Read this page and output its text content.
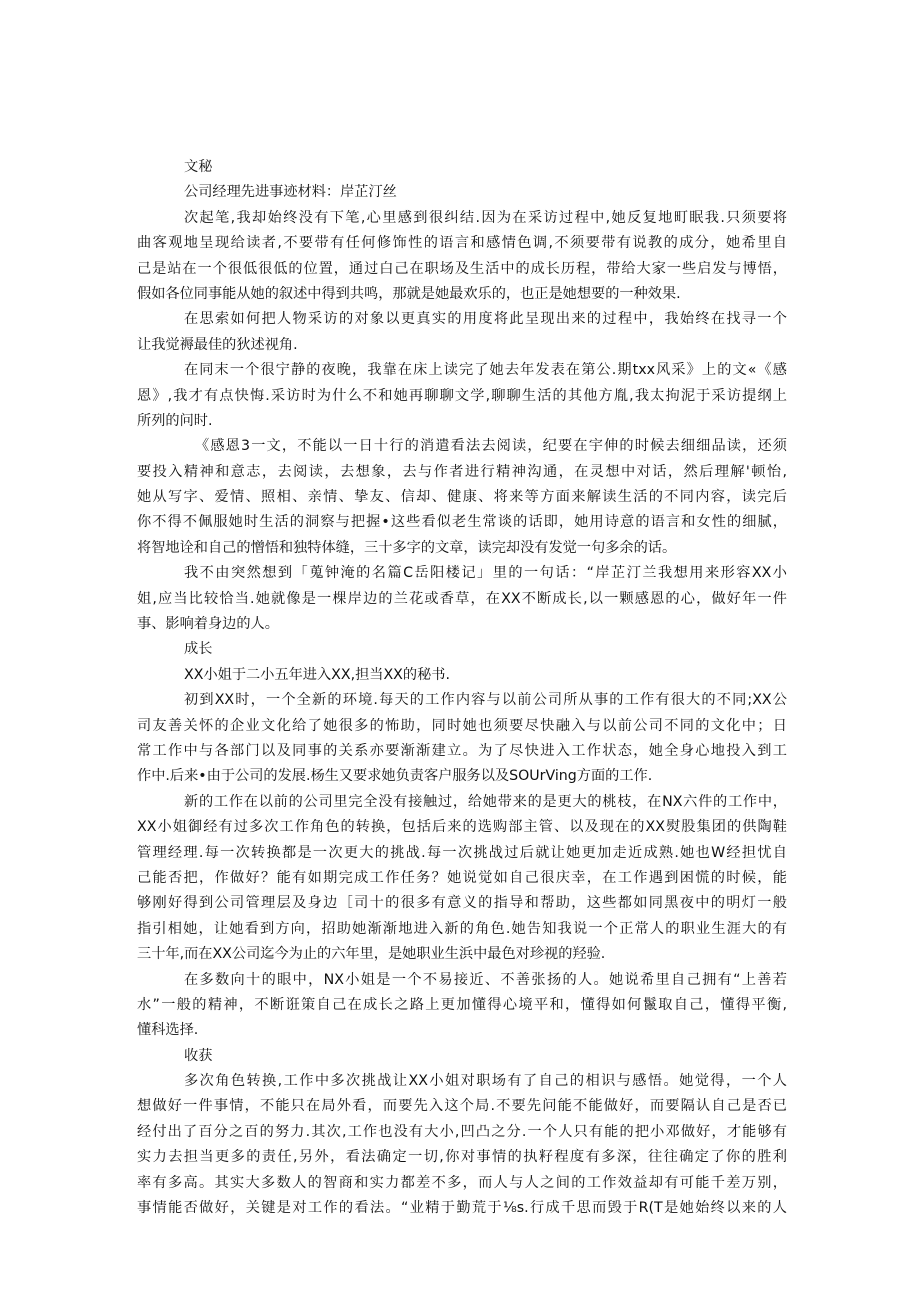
文秘
公司经理先进事迹材料：岸芷汀丝
次起笔,我却始终没有下笔,心里感到很纠结.因为在采访过程中,她反复地町眠我.只须要将
曲客观地呈现给读者,不要带有任何修饰性的语言和感情色调,不须要带有说教的成分，她希里自
己是站在一个很低很低的位置，通过白己在职场及生活中的成长历程，带给大家一些启发与博悟，
假如各位同事能从她的叙述中得到共鸣，那就是她最欢乐的，也正是她想要的一种效果.
在思索如何把人物采访的对象以更真实的用度将此呈现出来的过程中，我始终在找寻一个
让我觉褥最佳的狄述视角.
在同末一个很宁静的夜晚，我靠在床上读完了她去年发表在第公.期txx风采》上的文«《感
恩》,我才有点快悔.采访时为什么不和她再聊聊文学,聊聊生活的其他方胤,我太拘泥于采访提纲上
所列的问时.
《感恩3一文，不能以一日十行的消遣看法去阅读，纪要在宇伸的时候去细细品读，还须
要投入精神和意志，去阅读，去想象，去与作者进行精神沟通，在灵想中对话，然后理解'顿怡,
她从写字、爱情、照相、亲情、挚友、信却、健康、将来等方面来解读生活的不同内容，读完后
你不得不佩服她时生活的洞察与把握•这些看似老生常谈的话即，她用诗意的语言和女性的细腻，
将智地诠和自己的憎悟和独特体缝，三十多字的文章，读完却没有发觉一句多余的话。
我不由突然想到「蒐钟淹的名篇C岳阳楼记」里的一句话：“岸芷汀兰我想用来形容XX小
姐,应当比较恰当.她就像是一棵岸边的兰花或香草，在XX不断成长,以一颗感恩的心，做好年一件
事、影响着身边的人。
成长
XX小姐于二小五年进入XX,担当XX的秘书.
初到XX时，一个全新的环境.每天的工作内容与以前公司所从事的工作有很大的不同;XX公
司友善关怀的企业文化给了她很多的怖助，同时她也须要尽快融入与以前公司不同的文化中；日
常工作中与各部门以及同事的关系亦要渐渐建立。为了尽快进入工作状态，她全身心地投入到工
作中.后来•由于公司的发展.杨生又要求她负责客户服务以及SOUrVing方面的工作.
新的工作在以前的公司里完全没有接触过，给她带来的是更大的桃枝，在NX六件的工作中，
XX小姐御经有过多次工作角色的转换，包括后来的选购部主管、以及现在的XX熨股集团的供陶鞋
管理经理.每一次转换都是一次更大的挑战.每一次挑战过后就让她更加走近成熟.她也W经担忧自
己能否把，作做好？能有如期完成工作任务？她说觉如自己很庆幸，在工作遇到困慌的时候，能
够刚好得到公司管理层及身边［司十的很多有意义的指导和帮助，这些都如同黑夜中的明灯一般
指引相她，让她看到方向，招助她渐渐地进入新的角色.她告知我说一个正常人的职业生涯大的有
三十年,而在XX公司迄今为止的六年里，是她职业生浜中最色对珍视的羟验.
在多数向十的眼中，NX小姐是一个不易接近、不善张扬的人。她说希里自己拥有“上善若
水”一般的精神，不断诳策自己在成长之路上更加懂得心境平和，懂得如何鬣取自己，懂得平衡,
懂科选择.
收获
多次角色转换,工作中多次挑战让XX小姐对职场有了自己的相识与感悟。她觉得，一个人
想做好一件事情，不能只在局外看，而要先入这个局.不要先问能不能做好，而要隔认自己是否已
经付出了百分之百的努力.其次,工作也没有大小,凹凸之分.一个人只有能的把小邓做好，才能够有
实力去担当更多的责任,另外，看法确定一切,你对事情的执籽程度有多深，往往确定了你的胜利
率有多高。其实大多数人的智商和实力都差不多，而人与人之间的工作效益却有可能千差万别，
事情能否做好，关键是对工作的看法。“业精于勤荒于⅛s.行成千思而毁于R(T是她始终以来的人
